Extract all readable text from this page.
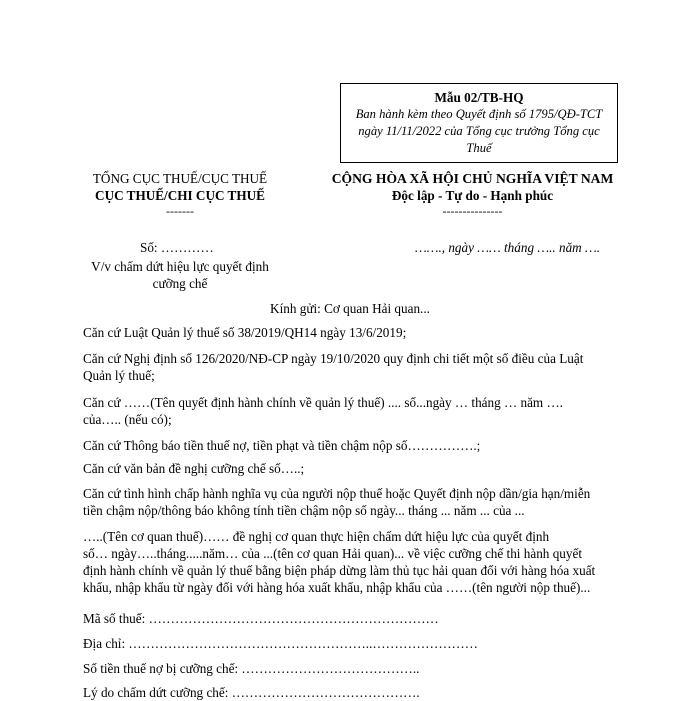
Mẫu 02/TB-HQ
Ban hành kèm theo Quyết định số 1795/QĐ-TCT
ngày 11/11/2022 của Tổng cục trưởng Tổng cục
Thuế
TỔNG CỤC THUẾ/CỤC THUẾ
CỤC THUẾ/CHI CỤC THUẾ
-------
CỘNG HÒA XÃ HỘI CHỦ NGHĨA VIỆT NAM
Độc lập - Tự do - Hạnh phúc
---------------
Số: …………
V/v chấm dứt hiệu lực quyết định
cưỡng chế
……., ngày …… tháng ….. năm ….
Kính gửi: Cơ quan Hải quan...
Căn cứ Luật Quản lý thuế số 38/2019/QH14 ngày 13/6/2019;
Căn cứ Nghị định số 126/2020/NĐ-CP ngày 19/10/2020 quy định chi tiết một số điều của Luật
Quản lý thuế;
Căn cứ ……(Tên quyết định hành chính về quản lý thuế) .... số...ngày … tháng … năm ….
của….. (nếu có);
Căn cứ Thông báo tiền thuế nợ, tiền phạt và tiền chậm nộp số…………….;
Căn cứ văn bản đề nghị cưỡng chế số…..;
Căn cứ tình hình chấp hành nghĩa vụ của người nộp thuế hoặc Quyết định nộp dần/gia hạn/miễn
tiền chậm nộp/thông báo không tính tiền chậm nộp số ngày... tháng ... năm ... của ...
…..(Tên cơ quan thuế)…… đề nghị cơ quan thực hiện chấm dứt hiệu lực của quyết định
số… ngày…..tháng.....năm… của ...(tên cơ quan Hải quan)... về việc cưỡng chế thi hành quyết
định hành chính về quản lý thuế bằng biện pháp dừng làm thủ tục hải quan đối với hàng hóa xuất
khẩu, nhập khẩu từ ngày đối với hàng hóa xuất khẩu, nhập khẩu của ……(tên người nộp thuế)...
Mã số thuế: …………………………………………………………
Địa chỉ: ………………………………………………..……………………
Số tiền thuế nợ bị cưỡng chế: …………………………………..
Lý do chấm dứt cưỡng chế: …………………………………….
